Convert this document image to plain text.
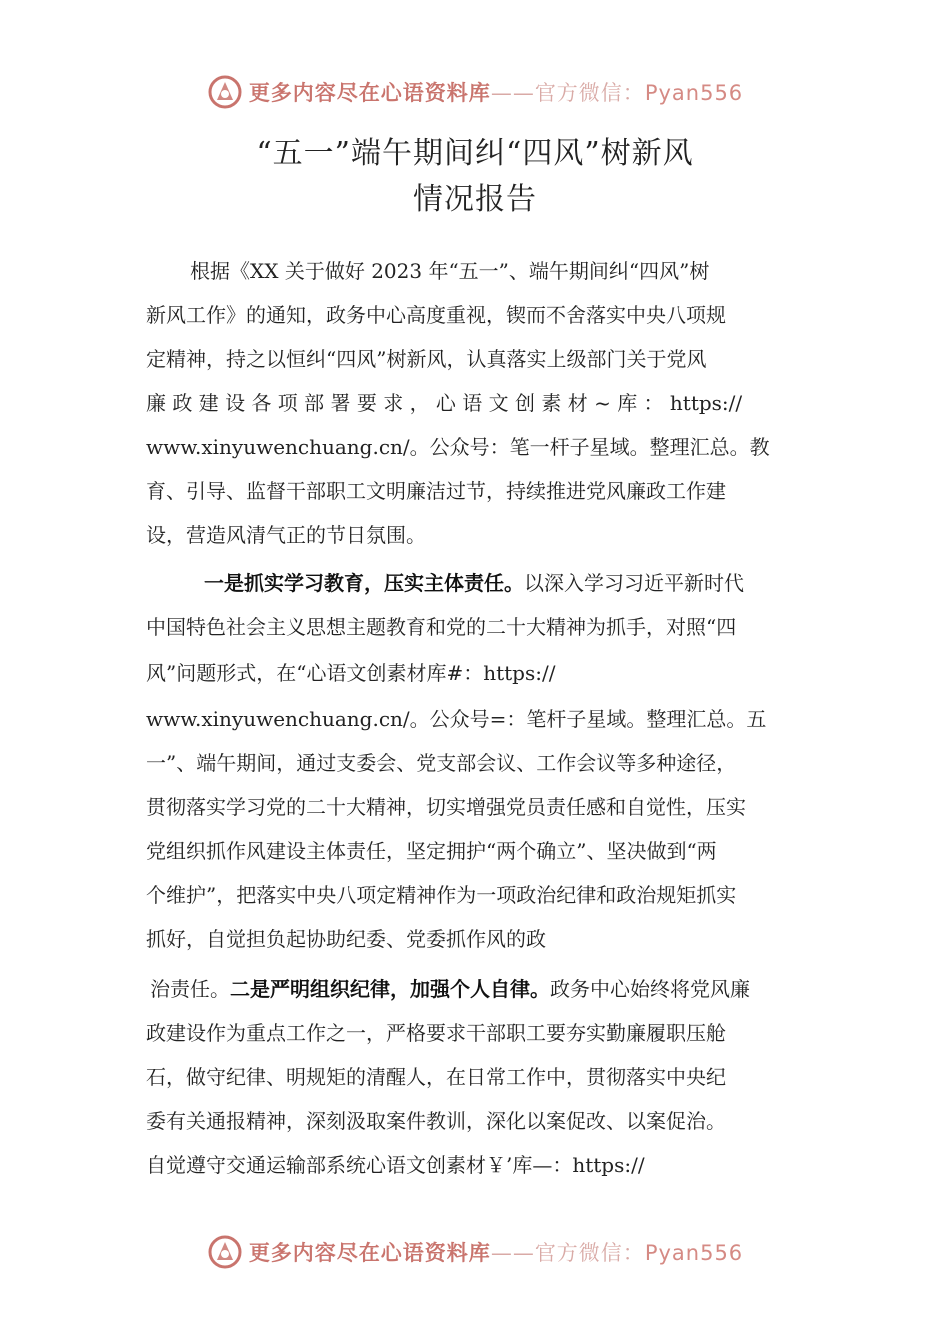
更多内容尽在心语资料库——官方微信：Pyan556
“五一”端午期间纠“四风”树新风
情况报告
根据《XX 关于做好 2023 年“五一”、端午期间纠“四风”树
新风工作》的通知，政务中心高度重视，锲而不舍落实中央八项规
定精神，持之以恒纠“四风”树新风，认真落实上级部门关于党风
廉 政 建 设 各 项 部 署 要 求 ， 心 语 文 创 素 材 ~ 库 ： https://
www.xinyuwenchuang.cn/。公众号：笔一杆子星域。整理汇总。教
育、引导、监督干部职工文明廉洁过节，持续推进党风廉政工作建
设，营造风清气正的节日氛围。
一是抓实学习教育，压实主体责任。以深入学习习近平新时代
中国特色社会主义思想主题教育和党的二十大精神为抓手，对照“四
风”问题形式，在“心语文创素材库#：https://
www.xinyuwenchuang.cn/。公众号=：笔杆子星域。整理汇总。五
一”、端午期间，通过支委会、党支部会议、工作会议等多种途径，
贯彻落实学习党的二十大精神，切实增强党员责任感和自觉性，压实
党组织抓作风建设主体责任，坚定拥护“两个确立”、坚决做到“两
个维护”，把落实中央八项定精神作为一项政治纪律和政治规矩抓实
抓好，自觉担负起协助纪委、党委抓作风的政
治责任。二是严明组织纪律，加强个人自律。政务中心始终将党风廉
政建设作为重点工作之一，严格要求干部职工要夯实勤廉履职压舱
石，做守纪律、明规矩的清醒人，在日常工作中，贯彻落实中央纪
委有关通报精神，深刻汲取案件教训，深化以案促改、以案促治。
自觉遵守交通运输部系统心语文创素材￥’库—：https://
更多内容尽在心语资料库——官方微信：Pyan556
